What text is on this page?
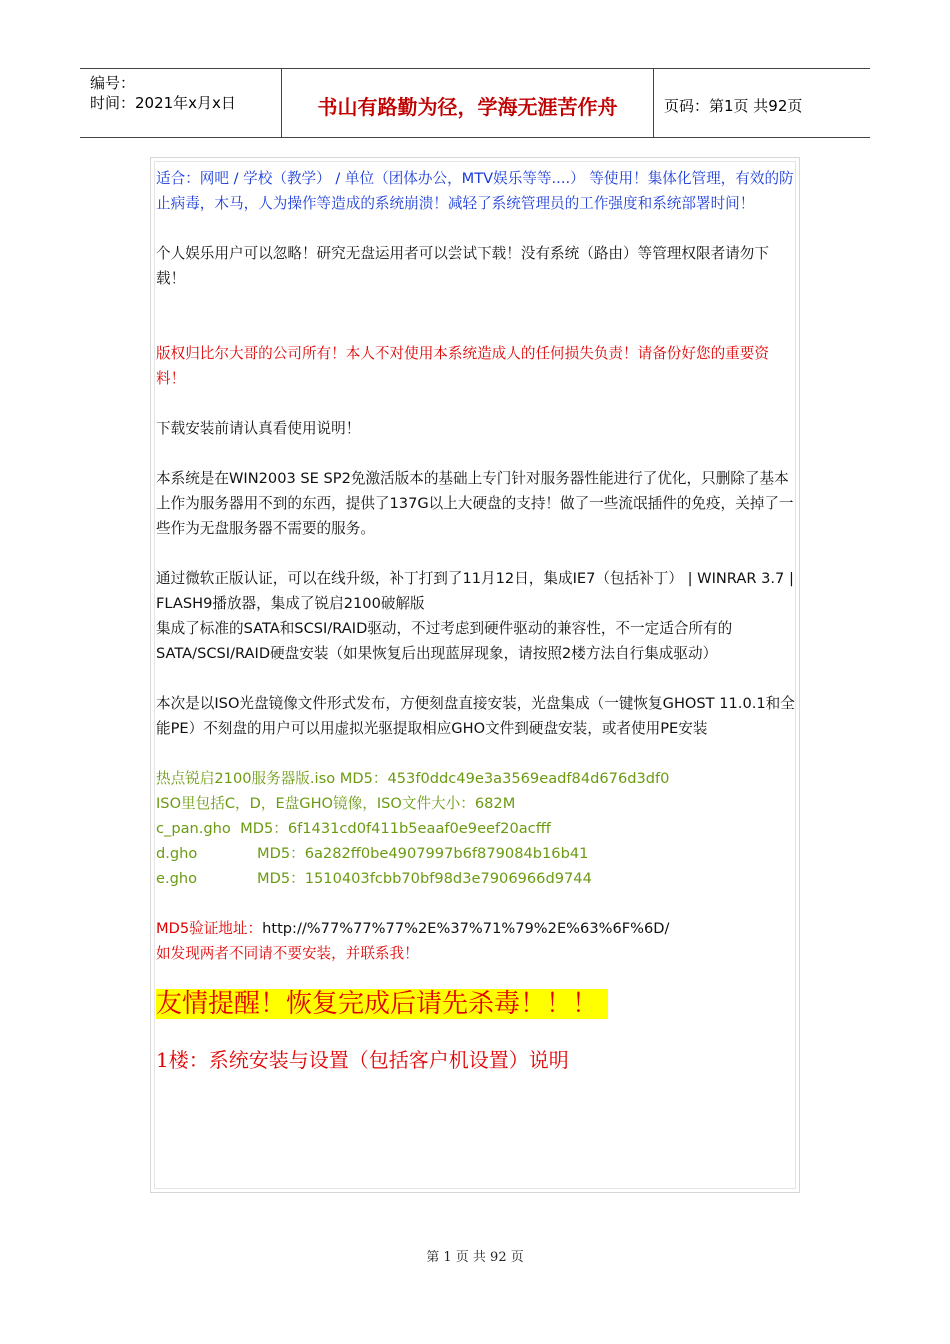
编号：
时间：2021年x月x日	书山有路勤为径，学海无涯苦作舟	页码：第1页 共92页

适合：网吧 / 学校（教学） / 单位（团体办公，MTV娱乐等等....） 等使用！集体化管理，有效的防止病毒，木马，人为操作等造成的系统崩溃！减轻了系统管理员的工作强度和系统部署时间！

个人娱乐用户可以忽略！研究无盘运用者可以尝试下载！没有系统（路由）等管理权限者请勿下载！

版权归比尔大哥的公司所有！本人不对使用本系统造成人的任何损失负责！请备份好您的重要资料！

下载安装前请认真看使用说明！

本系统是在WIN2003 SE SP2免激活版本的基础上专门针对服务器性能进行了优化，只删除了基本上作为服务器用不到的东西，提供了137G以上大硬盘的支持！做了一些流氓插件的免疫，关掉了一些作为无盘服务器不需要的服务。

通过微软正版认证，可以在线升级，补丁打到了11月12日，集成IE7（包括补丁） | WINRAR 3.7 | FLASH9播放器，集成了锐启2100破解版

集成了标准的SATA和SCSI/RAID驱动，不过考虑到硬件驱动的兼容性，不一定适合所有的SATA/SCSI/RAID硬盘安装（如果恢复后出现蓝屏现象，请按照2楼方法自行集成驱动）

本次是以ISO光盘镜像文件形式发布，方便刻盘直接安装，光盘集成（一键恢复GHOST 11.0.1和全能PE）不刻盘的用户可以用虚拟光驱提取相应GHO文件到硬盘安装，或者使用PE安装

热点锐启2100服务器版.iso MD5：453f0ddc49e3a3569eadf84d676d3df0

ISO里包括C，D，E盘GHO镜像，ISO文件大小：682M

c_pan.gho MD5：6f1431cd0f411b5eaaf0e9eef20acfff

d.gho	MD5：6a282ff0be4907997b6f879084b16b41

e.gho	MD5：1510403fcbb70bf98d3e7906966d9744

MD5验证地址：http://%77%77%77%2E%37%71%79%2E%63%6F%6D/

如发现两者不同请不要安装，并联系我！

友情提醒！恢复完成后请先杀毒！！！

1楼：系统安装与设置（包括客户机设置）说明

第 1 页 共 92 页
